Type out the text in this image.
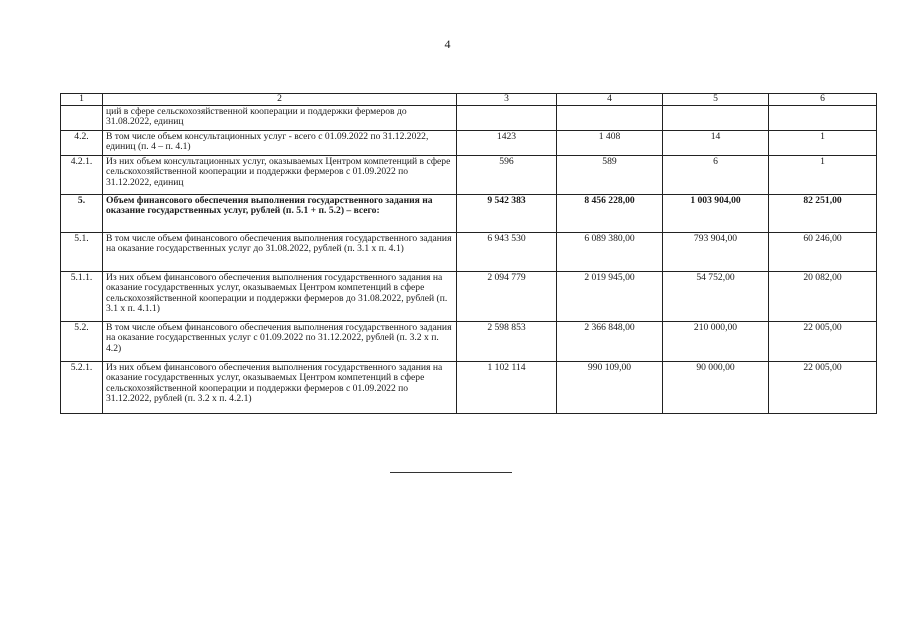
4
1	2	3	4	5	6
	ций в сфере сельскохозяйственной кооперации и поддержки фермеров до 31.08.2022, единиц				
4.2.	В том числе объем консультационных услуг - всего с 01.09.2022 по 31.12.2022, единиц (п. 4 – п. 4.1)	1423	1 408	14	1
4.2.1.	Из них объем консультационных услуг, оказываемых Центром компетенций в сфере сельскохозяйственной кооперации и поддержки фермеров с 01.09.2022 по 31.12.2022, единиц	596	589	6	1
5.	Объем финансового обеспечения выполнения государственного задания на оказание государственных услуг, рублей (п. 5.1 + п. 5.2) – всего:	9 542 383	8 456 228,00	1 003 904,00	82 251,00
5.1.	В том числе объем финансового обеспечения выполнения государственного задания на оказание государственных услуг до 31.08.2022, рублей (п. 3.1 х п. 4.1)	6 943 530	6 089 380,00	793 904,00	60 246,00
5.1.1.	Из них объем финансового обеспечения выполнения государственного задания на оказание государственных услуг, оказываемых Центром компетенций в сфере сельскохозяйственной кооперации и поддержки фермеров до 31.08.2022, рублей (п. 3.1 х п. 4.1.1)	2 094 779	2 019 945,00	54 752,00	20 082,00
5.2.	В том числе объем финансового обеспечения выполнения государственного задания на оказание государственных услуг с 01.09.2022 по 31.12.2022, рублей (п. 3.2 х п. 4.2)	2 598 853	2 366 848,00	210 000,00	22 005,00
5.2.1.	Из них объем финансового обеспечения выполнения государственного задания на оказание государственных услуг, оказываемых Центром компетенций в сфере сельскохозяйственной кооперации и поддержки фермеров с 01.09.2022 по 31.12.2022, рублей (п. 3.2 х п. 4.2.1)	1 102 114	990 109,00	90 000,00	22 005,00
